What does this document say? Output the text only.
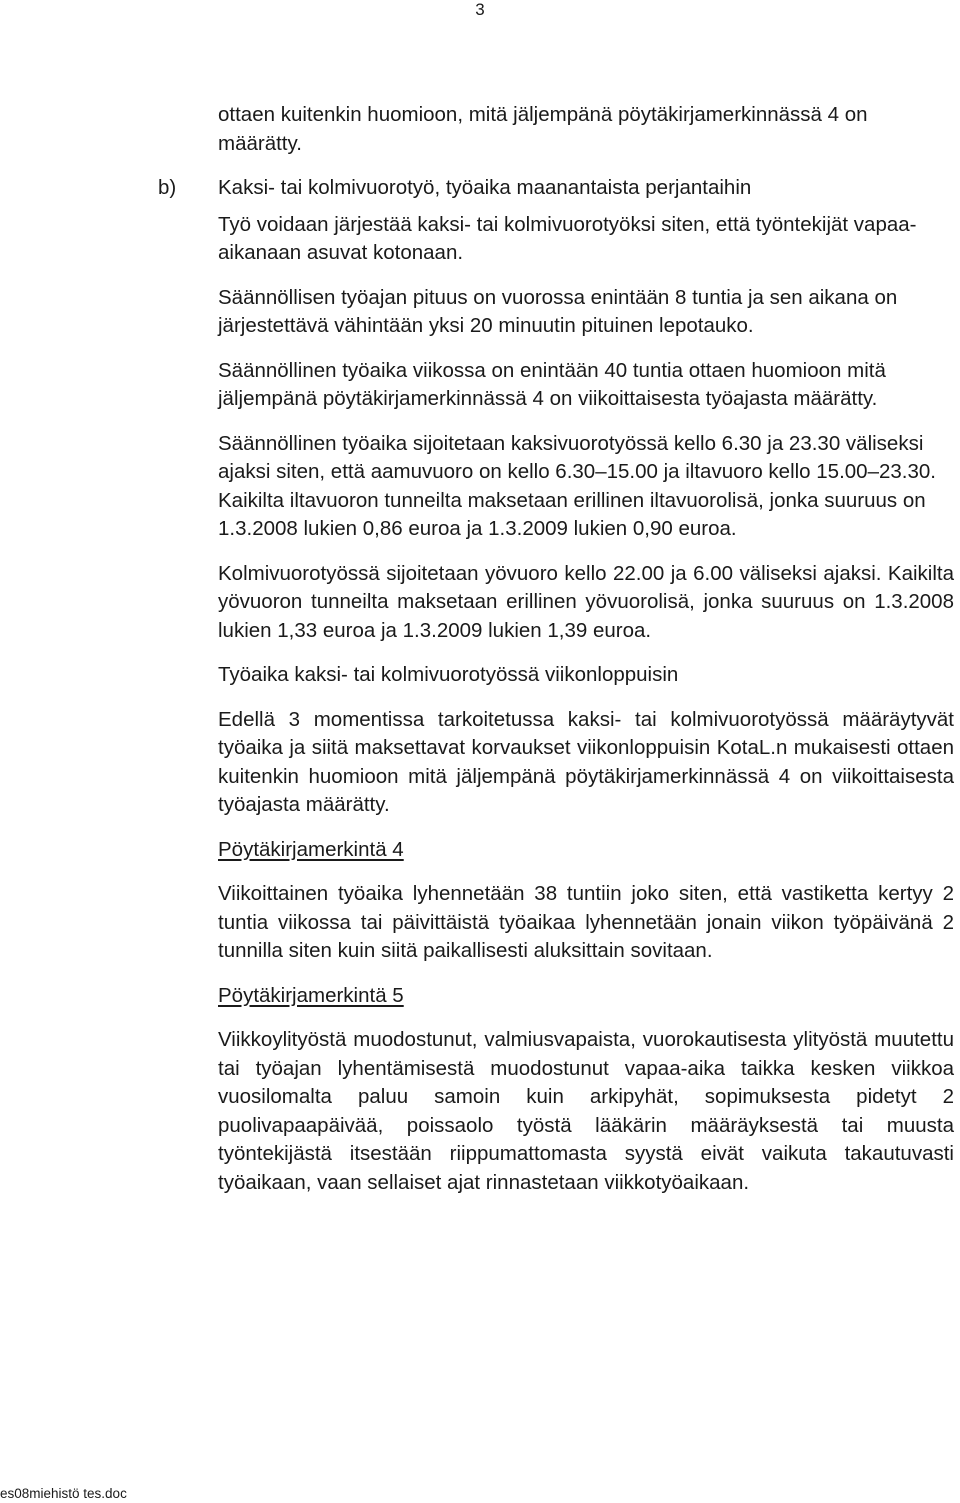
3

ottaen kuitenkin huomioon, mitä jäljempänä pöytäkirjamerkinnässä 4 on määrätty.

b) Kaksi- tai kolmivuorotyö, työaika maanantaista perjantaihin

Työ voidaan järjestää kaksi- tai kolmivuorotyöksi siten, että työntekijät vapaa-aikanaan asuvat kotonaan.

Säännöllisen työajan pituus on vuorossa enintään 8 tuntia ja sen aikana on järjestettävä vähintään yksi 20 minuutin pituinen lepotauko.

Säännöllinen työaika viikossa on enintään 40 tuntia ottaen huomioon mitä jäljempänä pöytäkirjamerkinnässä 4 on viikoittaisesta työajasta määrätty.

Säännöllinen työaika sijoitetaan kaksivuorotyössä kello 6.30 ja 23.30 väliseksi ajaksi siten, että aamuvuoro on kello 6.30–15.00 ja iltavuoro kello 15.00–23.30. Kaikilta iltavuoron tunneilta maksetaan erillinen iltavuorolisä, jonka suuruus on 1.3.2008 lukien 0,86 euroa ja 1.3.2009 lukien 0,90 euroa.

Kolmivuorotyössä sijoitetaan yövuoro kello 22.00 ja 6.00 väliseksi ajaksi. Kaikilta yövuoron tunneilta maksetaan erillinen yövuorolisä, jonka suuruus on 1.3.2008 lukien 1,33 euroa ja 1.3.2009 lukien 1,39 euroa.

Työaika kaksi- tai kolmivuorotyössä viikonloppuisin

Edellä 3 momentissa tarkoitetussa kaksi- tai kolmivuorotyössä määräytyvät työaika ja siitä maksettavat korvaukset viikonloppuisin KotaL.n mukaisesti ottaen kuitenkin huomioon mitä jäljempänä pöytäkirjamerkinnässä 4 on viikoittaisesta työajasta määrätty.

Pöytäkirjamerkintä 4

Viikoittainen työaika lyhennetään 38 tuntiin joko siten, että vastiketta kertyy 2 tuntia viikossa tai päivittäistä työaikaa lyhennetään jonain viikon työpäivänä 2 tunnilla siten kuin siitä paikallisesti aluksittain sovitaan.

Pöytäkirjamerkintä 5

Viikkoylityöstä muodostunut, valmiusvapaista, vuorokautisesta ylityöstä muutettu tai työajan lyhentämisestä muodostunut vapaa-aika taikka kesken viikkoa vuosilomalta paluu samoin kuin arkipyhät, sopimuksesta pidetyt 2 puolivapaapäivää, poissaolo työstä lääkärin määräyksestä tai muusta työntekijästä itsestään riippumattomasta syystä eivät vaikuta takautuvasti työaikaan, vaan sellaiset ajat rinnastetaan viikkotyöaikaan.

es08miehistö tes.doc
